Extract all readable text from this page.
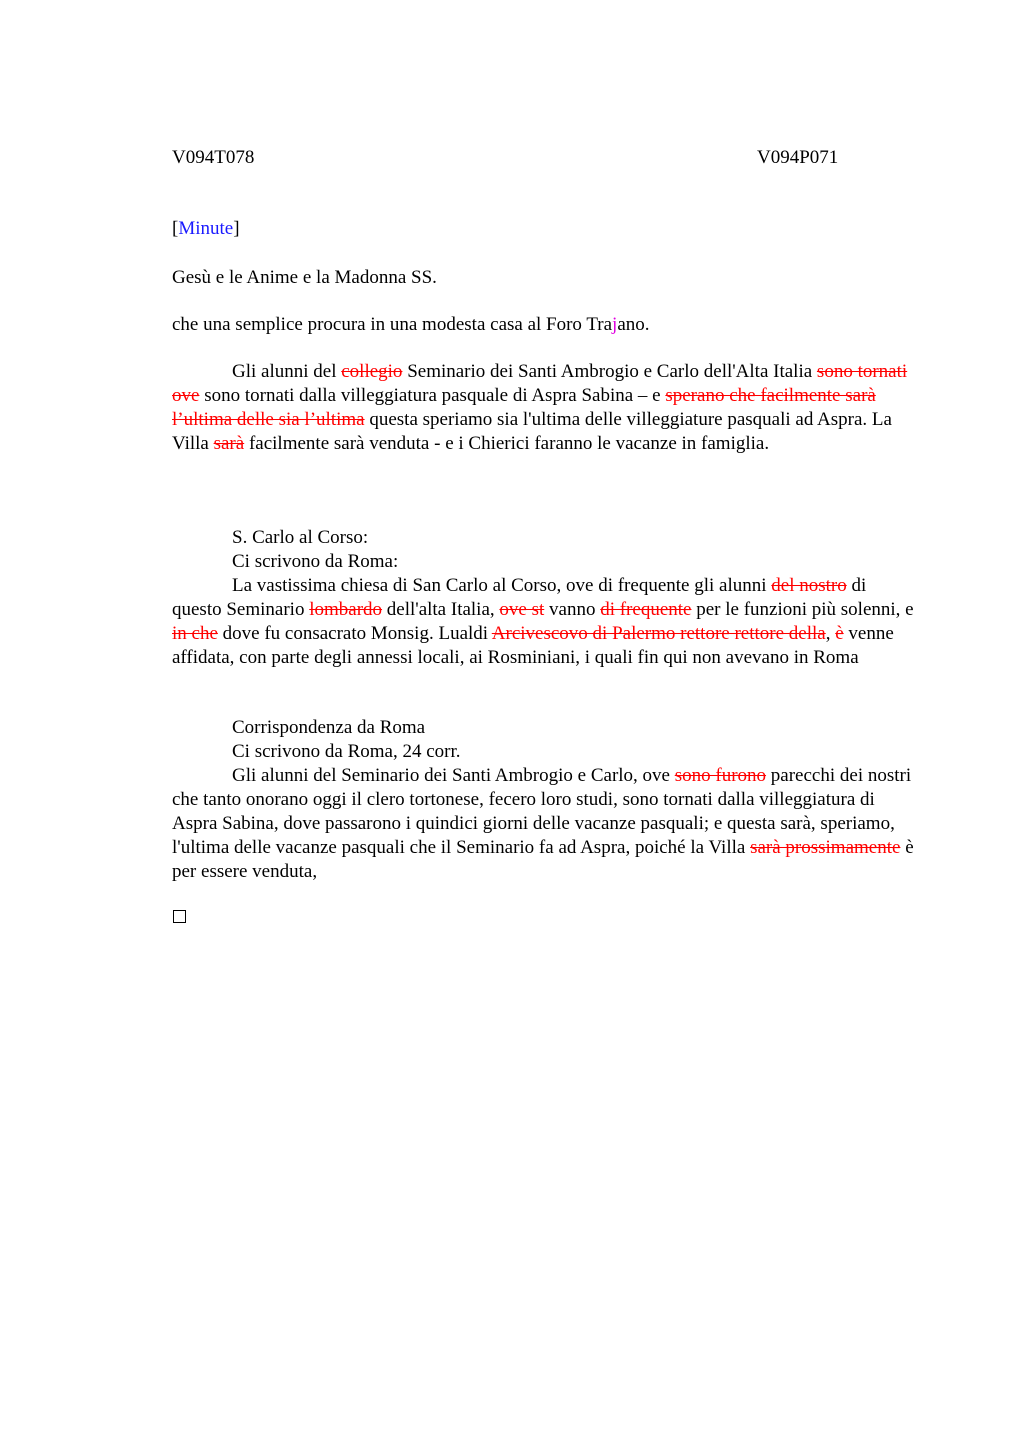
V094T078	V094P071
[Minute]
Gesù e le Anime e la Madonna SS.
che una semplice procura in una modesta casa al Foro Trajano.

Gli alunni del collegio Seminario dei Santi Ambrogio e Carlo dell'Alta Italia sono tornati ove sono tornati dalla villeggiatura pasquale di Aspra Sabina – e sperano che facilmente sarà l’ultima delle sia l’ultima questa speriamo sia l'ultima delle villeggiature pasquali ad Aspra. La Villa sarà facilmente sarà venduta - e i Chierici faranno le vacanze in famiglia.

S. Carlo al Corso:
Ci scrivono da Roma:

La vastissima chiesa di San Carlo al Corso, ove di frequente gli alunni del nostro di questo Seminario lombardo dell'alta Italia, ove st vanno di frequente per le funzioni più solenni, e in che dove fu consacrato Monsig. Lualdi Arcivescovo di Palermo rettore rettore della, è venne affidata, con parte degli annessi locali, ai Rosminiani, i quali fin qui non avevano in Roma

Corrispondenza da Roma
Ci scrivono da Roma, 24 corr.

Gli alunni del Seminario dei Santi Ambrogio e Carlo, ove sono furono parecchi dei nostri che tanto onorano oggi il clero tortonese, fecero loro studi, sono tornati dalla villeggiatura di Aspra Sabina, dove passarono i quindici giorni delle vacanze pasquali; e questa sarà, speriamo, l'ultima delle vacanze pasquali che il Seminario fa ad Aspra, poiché la Villa sarà prossimamente è per essere venduta,
